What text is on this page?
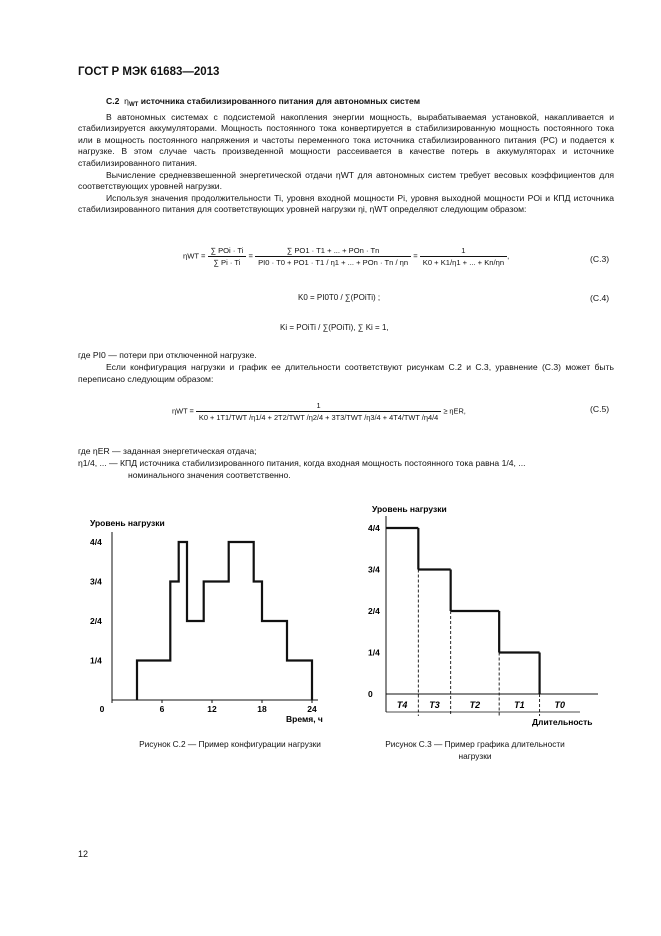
ГОСТ Р МЭК 61683—2013

С.2 $\eta_{WT}$ источника стабилизированного питания для автономных систем

В автономных системах с подсистемой накопления энергии мощность, вырабатываемая установкой, накапливается и стабилизируется аккумуляторами. Мощность постоянного тока конвертируется в стабилизированную мощность постоянного тока или в мощность постоянного напряжения и частоты переменного тока источника стабилизированного питания (PC) и подается к нагрузке. В этом случае часть произведенной мощности рассеивается в качестве потерь в аккумуляторах и источнике стабилизированного питания.

Вычисление средневзвешенной энергетической отдачи ηWT для автономных систем требует весовых коэффициентов для соответствующих уровней нагрузки.

Используя значения продолжительности Ti, уровня входной мощности Pi, уровня выходной мощности POi и КПД источника стабилизированного питания для соответствующих уровней нагрузки ηi, ηWT определяют следующим образом:

$\eta WT = \frac{\text{∑ POi · Ti}}{\sum Pi \cdot Ti} = \frac{\text{∑ PO1 · T1 + ... + POn · Tn}}{\text{PI0 · T0 + PO1 · T1 / η1 + ... + POn · Tn / ηn}} = \frac{1}{K0 + K1/\eta 1 + ... + Kn/\eta n}$ ,	(C.3)
K0 = PI0T0 / ∑(POiTi) ;	(C.4)
Ki = POiTi / ∑(POiTi), ∑ Ki = 1,
где PI0 — потери при отключенной нагрузке.

Если конфигурация нагрузки и график ее длительности соответствуют рисункам C.2 и C.3, уравнение (C.3) может быть переписано следующим образом:

ηWT =
1
K0 + 1T1/TWT /η1/4 + 2T2/TWT /η2/4 + 3T3/TWT /η3/4 + 4T4/TWT /η4/4
≥ ηER,	(C.5)
где ηER — заданная энергетическая отдача;
η1/4, ... — КПД источника стабилизированного питания, когда входная мощность постоянного тока равна 1/4, ...
номинального значения соответственно.
Уровень нагрузки
4/4
3/4
2/4
1/4
0	6	12	18	24
Время, ч
Рисунок C.2 — Пример конфигурации нагрузки
Уровень нагрузки
4/4
3/4
2/4
1/4
0
T4 T3	T2	T1	T0
Длительность
Рисунок C.3 — Пример графика длительности
нагрузки
12
